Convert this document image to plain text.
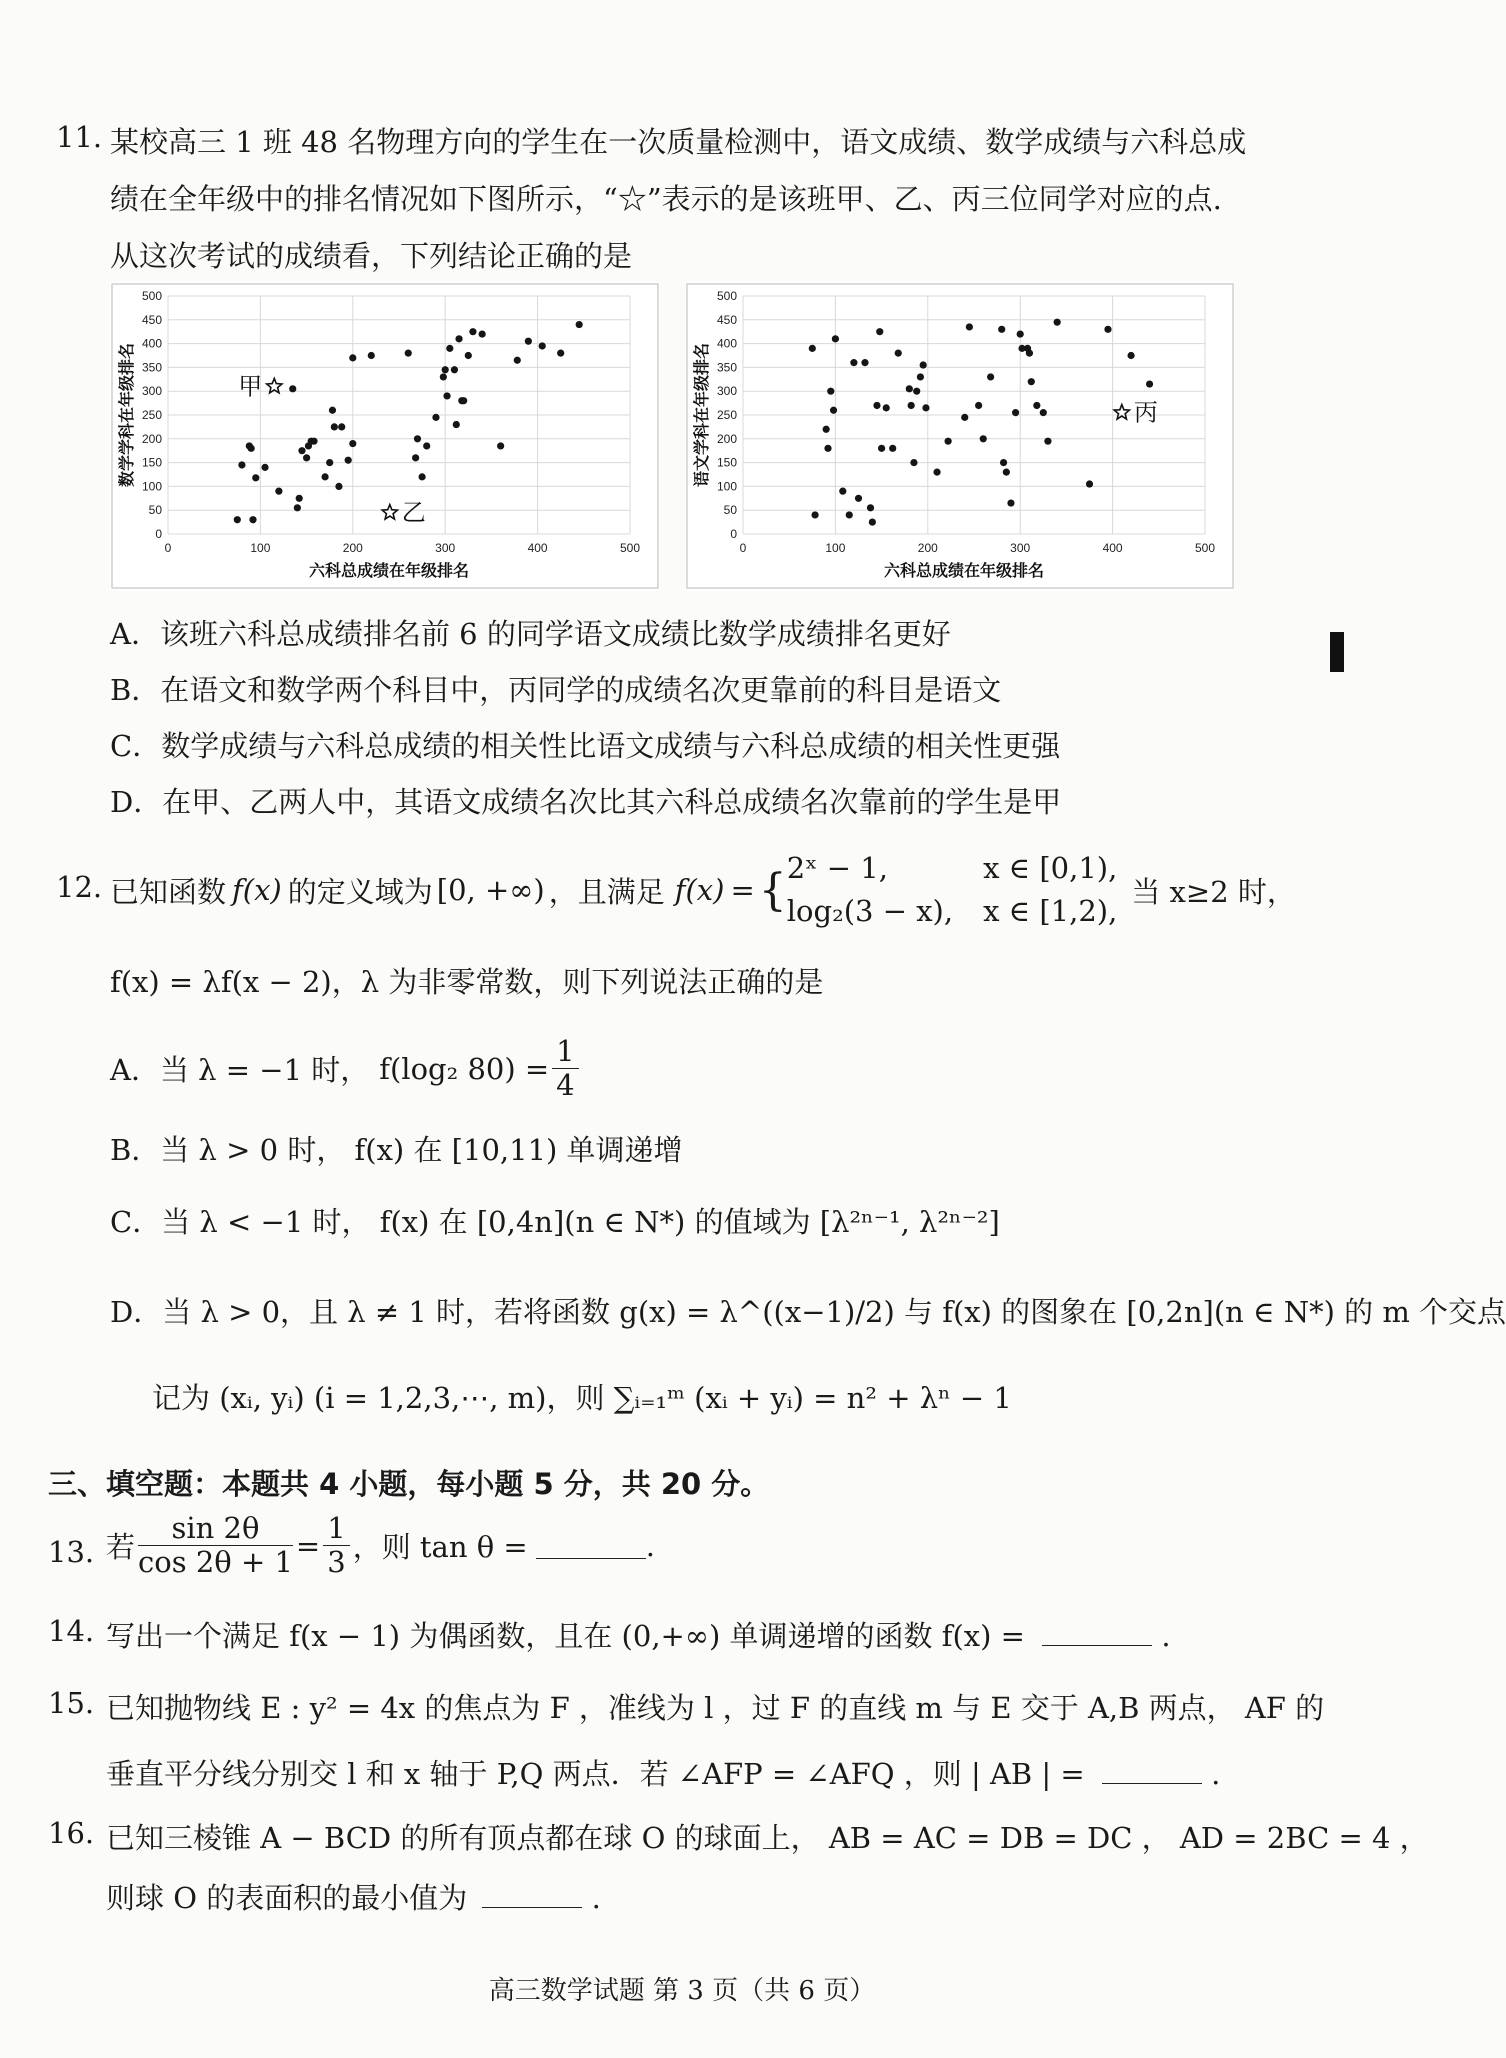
11. 某校高三 1 班 48 名物理方向的学生在一次质量检测中，语文成绩、数学成绩与六科总成
绩在全年级中的排名情况如下图所示，“☆”表示的是该班甲、乙、丙三位同学对应的点.
从这次考试的成绩看，下列结论正确的是
0
50
100
150
200
250
300
350
400
450
500
0	100	200	300	400	500
六科总成绩在年级排名
数学学科在年级排名	甲
乙
0
50
100
150
200
250
300
350
400
450
500
0	100	200	300	400	500
六科总成绩在年级排名
语文学科在年级排名	丙
A．该班六科总成绩排名前 6 的同学语文成绩比数学成绩排名更好
B．在语文和数学两个科目中，丙同学的成绩名次更靠前的科目是语文
C．数学成绩与六科总成绩的相关性比语文成绩与六科总成绩的相关性更强
D．在甲、乙两人中，其语文成绩名次比其六科总成绩名次靠前的学生是甲
12. 已知函数 f(x) 的定义域为 [0, +∞) ，且满足 f(x) = { 2ˣ − 1,
log₂(3 − x),
x ∈ [0,1),
x ∈ [1,2),
当 x≥2 时，
f(x) = λf(x − 2)，λ 为非零常数，则下列说法正确的是
A．当 λ = −1 时， f(log₂ $80) = \frac{1}{4}$
B．当 λ > 0 时， f(x) 在 [10,11) 单调递增
C．当 λ < −1 时， f(x) 在 [0,4n](n ∈ N*) 的值域为 [λ²ⁿ⁻¹, λ²ⁿ⁻²]
D．当 λ > 0，且 λ ≠ 1 时，若将函数 g(x) = λ^((x−1)/2) 与 f(x) 的图象在 [0,2n](n ∈ N*) 的 m 个交点
记为 (xᵢ, yᵢ) (i = 1,2,3,⋯, m)，则 ∑ᵢ₌₁ᵐ (xᵢ + yᵢ) = n² + λⁿ − 1
三、填空题：本题共 4 小题，每小题 5 分，共 20 分。
13. 若 $\frac{\sin 2\theta}{\cos 2\theta + 1} = \frac{1}{3}$ ，则 tan θ =	.
14. 写出一个满足 f(x − 1) 为偶函数，且在 (0,+∞) 单调递增的函数 f(x) =	.
15. 已知抛物线 E : y² = 4x 的焦点为 F ，准线为 l ，过 F 的直线 m 与 E 交于 A,B 两点， AF 的
垂直平分线分别交 l 和 x 轴于 P,Q 两点．若 ∠AFP = ∠AFQ ，则 | AB | =	.
16. 已知三棱锥 A − BCD 的所有顶点都在球 O 的球面上， AB = AC = DB = DC ， AD = 2BC = 4 ，
则球 O 的表面积的最小值为	.
高三数学试题 第 3 页（共 6 页）
